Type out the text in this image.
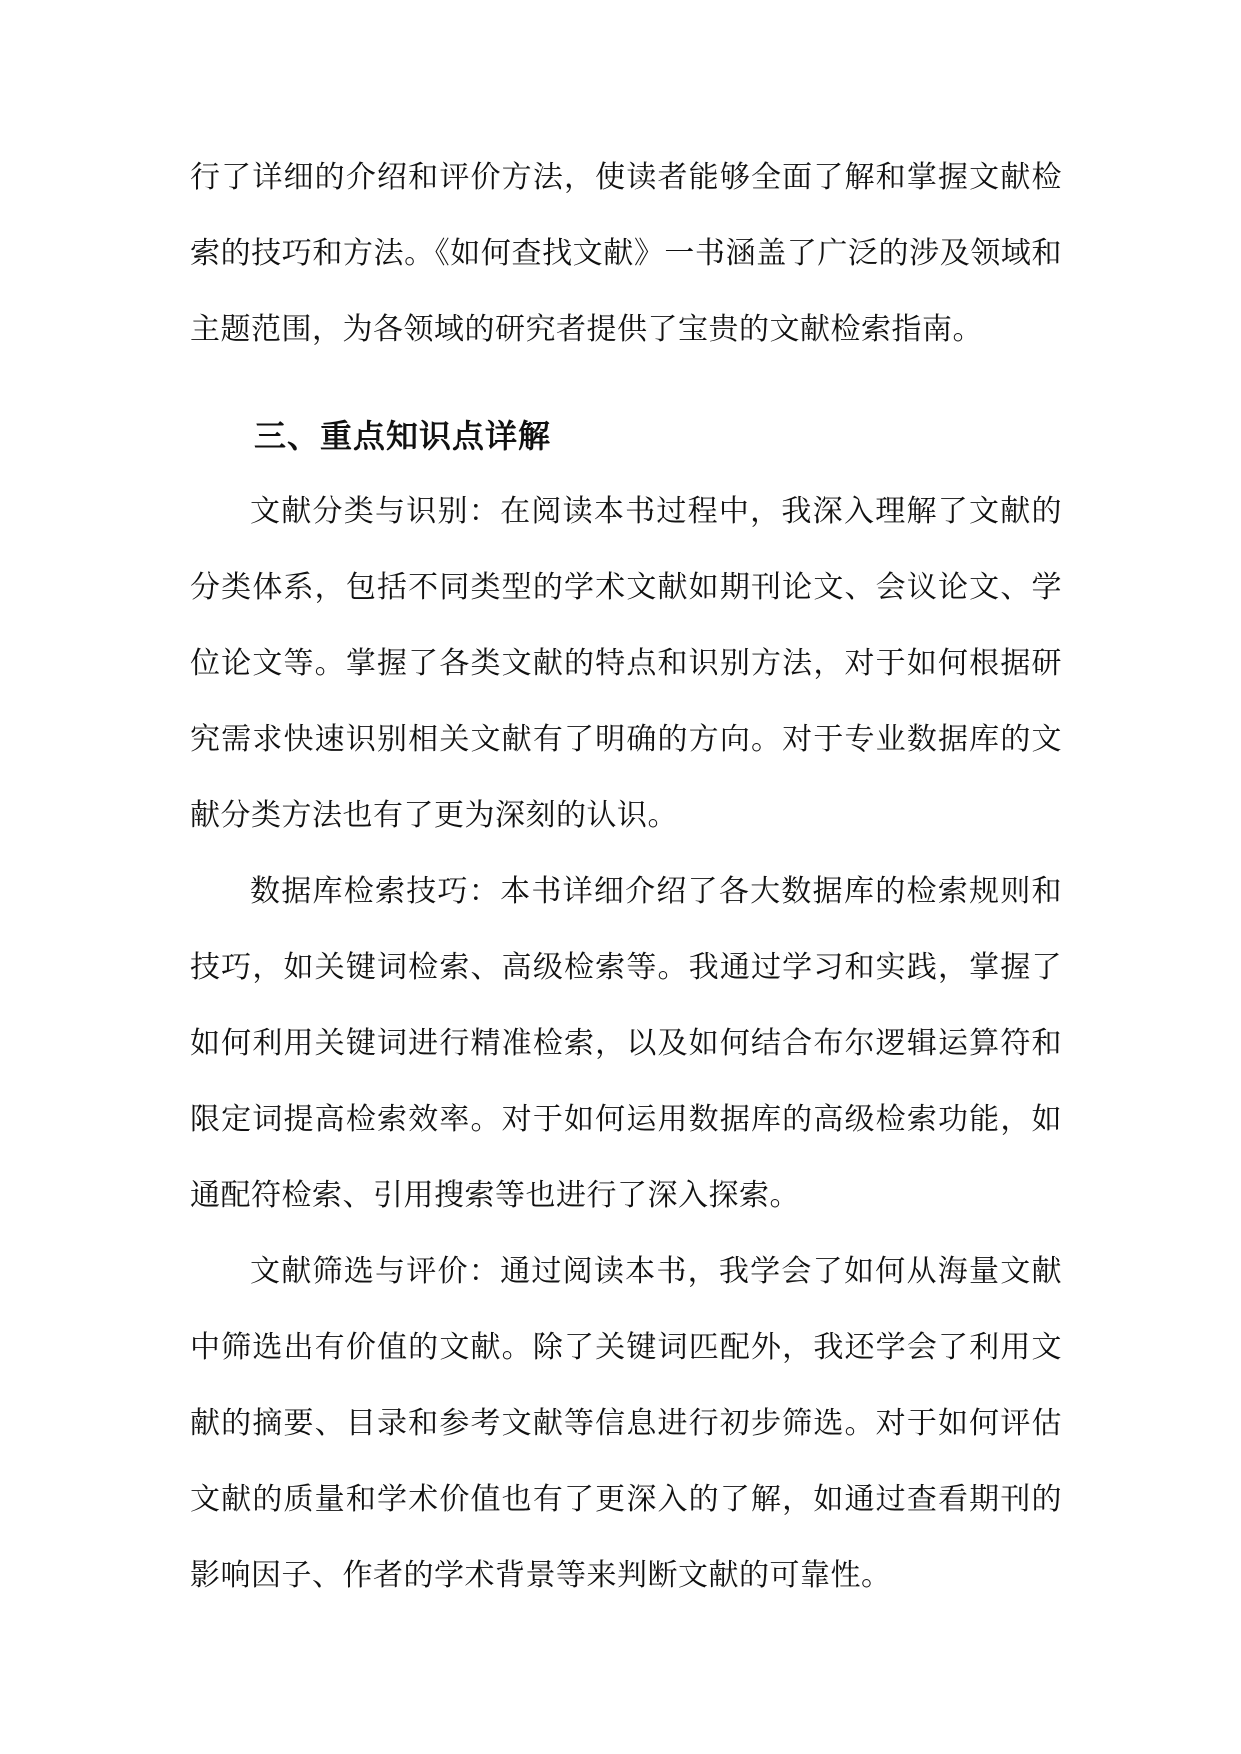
行了详细的介绍和评价方法，使读者能够全面了解和掌握文献检索的技巧和方法。《如何查找文献》一书涵盖了广泛的涉及领域和主题范围，为各领域的研究者提供了宝贵的文献检索指南。

三、重点知识点详解

文献分类与识别：在阅读本书过程中，我深入理解了文献的分类体系，包括不同类型的学术文献如期刊论文、会议论文、学位论文等。掌握了各类文献的特点和识别方法，对于如何根据研究需求快速识别相关文献有了明确的方向。对于专业数据库的文献分类方法也有了更为深刻的认识。

数据库检索技巧：本书详细介绍了各大数据库的检索规则和技巧，如关键词检索、高级检索等。我通过学习和实践，掌握了如何利用关键词进行精准检索，以及如何结合布尔逻辑运算符和限定词提高检索效率。对于如何运用数据库的高级检索功能，如通配符检索、引用搜索等也进行了深入探索。

文献筛选与评价：通过阅读本书，我学会了如何从海量文献中筛选出有价值的文献。除了关键词匹配外，我还学会了利用文献的摘要、目录和参考文献等信息进行初步筛选。对于如何评估文献的质量和学术价值也有了更深入的了解，如通过查看期刊的影响因子、作者的学术背景等来判断文献的可靠性。
